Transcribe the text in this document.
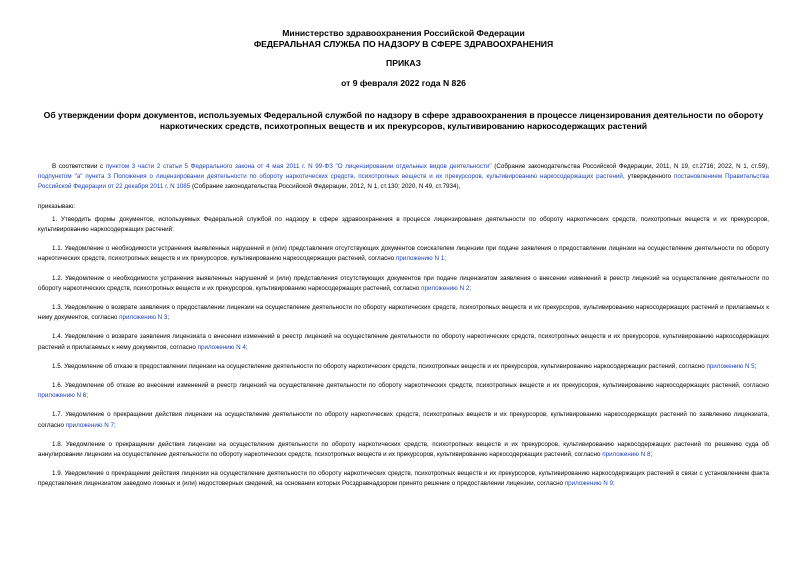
Министерство здравоохранения Российской Федерации
ФЕДЕРАЛЬНАЯ СЛУЖБА ПО НАДЗОРУ В СФЕРЕ ЗДРАВООХРАНЕНИЯ
ПРИКАЗ
от 9 февраля 2022 года N 826
Об утверждении форм документов, используемых Федеральной службой по надзору в сфере здравоохранения в процессе лицензирования деятельности по обороту наркотических средств, психотропных веществ и их прекурсоров, культивированию наркосодержащих растений

В соответствии с пунктом 3 части 2 статьи 5 Федерального закона от 4 мая 2011 г. N 99-ФЗ "О лицензировании отдельных видов деятельности" (Собрание законодательства Российской Федерации, 2011, N 19, ст.2716; 2022, N 1, ст.59), подпунктом "а" пункта 3 Положения о лицензировании деятельности по обороту наркотических средств, психотропных веществ и их прекурсоров, культивированию наркосодержащих растений, утвержденного постановлением Правительства Российской Федерации от 22 декабря 2011 г. N 1085 (Собрание законодательства Российской Федерации, 2012, N 1, ст.130; 2020, N 49, ст.7934),

приказываю:

1. Утвердить формы документов, используемых Федеральной службой по надзору в сфере здравоохранения в процессе лицензирования деятельности по обороту наркотических средств, психотропных веществ и их прекурсоров, культивированию наркосодержащих растений:

1.1. Уведомление о необходимости устранения выявленных нарушений и (или) представления отсутствующих документов соискателем лицензии при подаче заявления о предоставлении лицензии на осуществление деятельности по обороту наркотических средств, психотропных веществ и их прекурсоров, культивированию наркосодержащих растений, согласно приложению N 1;

1.2. Уведомление о необходимости устранения выявленных нарушений и (или) представления отсутствующих документов при подаче лицензиатом заявления о внесении изменений в реестр лицензий на осуществление деятельности по обороту наркотических средств, психотропных веществ и их прекурсоров, культивированию наркосодержащих растений, согласно приложению N 2;

1.3. Уведомление о возврате заявления о предоставлении лицензии на осуществление деятельности по обороту наркотических средств, психотропных веществ и их прекурсоров, культивированию наркосодержащих растений и прилагаемых к нему документов, согласно приложению N 3;

1.4. Уведомление о возврате заявления лицензиата о внесении изменений в реестр лицензий на осуществление деятельности по обороту наркотических средств, психотропных веществ и их прекурсоров, культивированию наркосодержащих растений и прилагаемых к нему документов, согласно приложению N 4;

1.5. Уведомление об отказе в предоставлении лицензии на осуществление деятельности по обороту наркотических средств, психотропных веществ и их прекурсоров, культивированию наркосодержащих растений, согласно приложению N 5;

1.6. Уведомление об отказе во внесении изменений в реестр лицензий на осуществление деятельности по обороту наркотических средств, психотропных веществ и их прекурсоров, культивированию наркосодержащих растений, согласно приложению N 6;

1.7. Уведомление о прекращении действия лицензии на осуществление деятельности по обороту наркотических средств, психотропных веществ и их прекурсоров, культивированию наркосодержащих растений по заявлению лицензиата, согласно приложению N 7;

1.8. Уведомление о прекращении действия лицензии на осуществление деятельности по обороту наркотических средств, психотропных веществ и их прекурсоров, культивированию наркосодержащих растений по решению суда об аннулировании лицензии на осуществление деятельности по обороту наркотических средств, психотропных веществ и их прекурсоров, культивированию наркосодержащих растений, согласно приложению N 8;

1.9. Уведомление о прекращении действия лицензии на осуществление деятельности по обороту наркотических средств, психотропных веществ и их прекурсоров, культивированию наркосодержащих растений в связи с установлением факта представления лицензиатом заведомо ложных и (или) недостоверных сведений, на основании которых Росздравнадзором принято решение о предоставлении лицензии, согласно приложению N 9;
